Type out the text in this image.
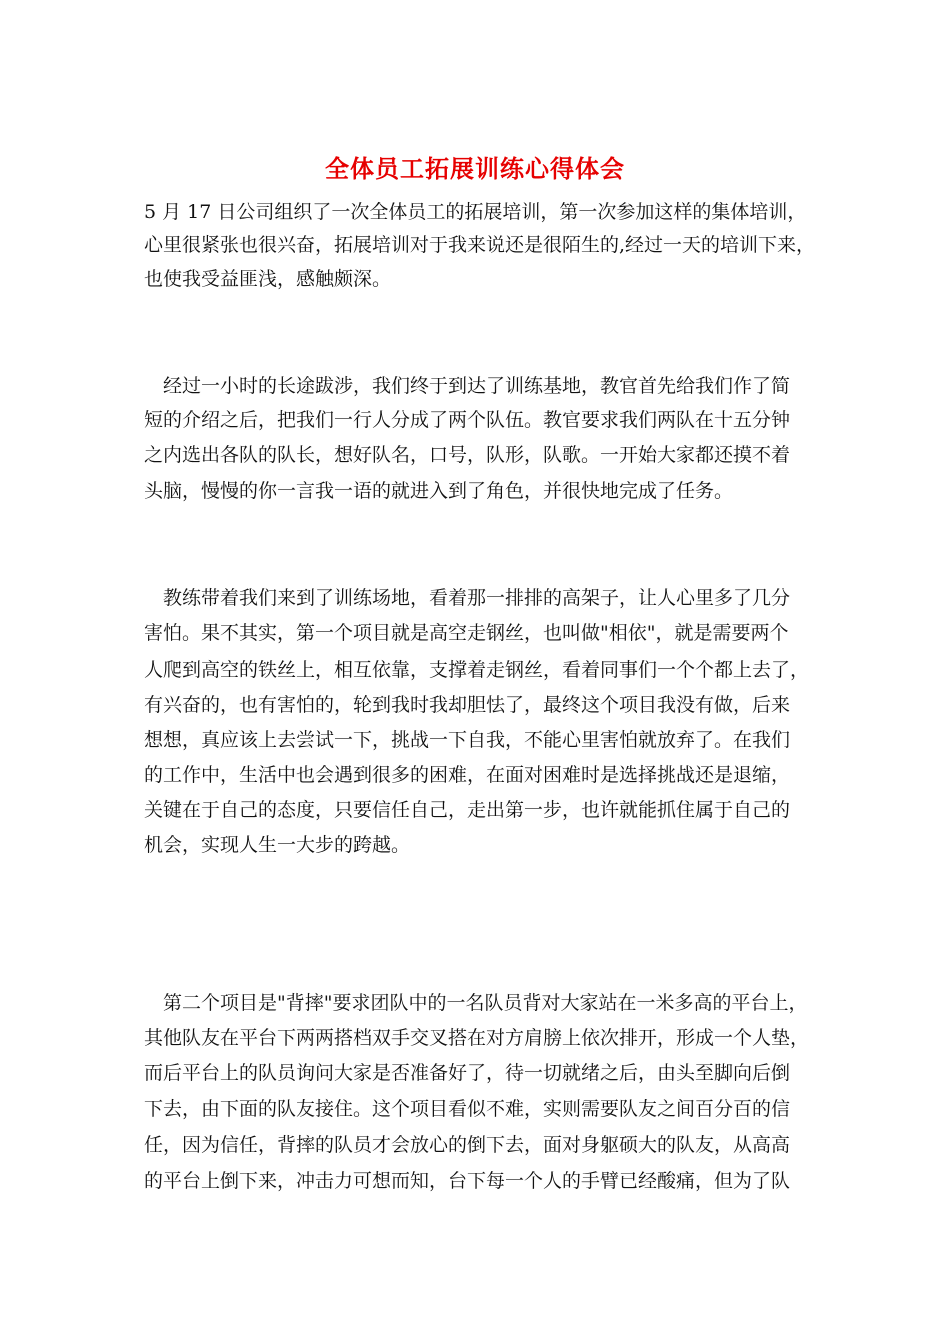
全体员工拓展训练心得体会
5 月 17 日公司组织了一次全体员工的拓展培训，第一次参加这样的集体培训，
心里很紧张也很兴奋，拓展培训对于我来说还是很陌生的,经过一天的培训下来，
也使我受益匪浅，感触颇深。
　经过一小时的长途跋涉，我们终于到达了训练基地，教官首先给我们作了简
短的介绍之后，把我们一行人分成了两个队伍。教官要求我们两队在十五分钟
之内选出各队的队长，想好队名，口号，队形，队歌。一开始大家都还摸不着
头脑，慢慢的你一言我一语的就进入到了角色，并很快地完成了任务。
　教练带着我们来到了训练场地，看着那一排排的高架子，让人心里多了几分
害怕。果不其实，第一个项目就是高空走钢丝，也叫做"相依"，就是需要两个
人爬到高空的铁丝上，相互依靠，支撑着走钢丝，看着同事们一个个都上去了，
有兴奋的，也有害怕的，轮到我时我却胆怯了，最终这个项目我没有做，后来
想想，真应该上去尝试一下，挑战一下自我，不能心里害怕就放弃了。在我们
的工作中，生活中也会遇到很多的困难，在面对困难时是选择挑战还是退缩，
关键在于自己的态度，只要信任自己，走出第一步，也许就能抓住属于自己的
机会，实现人生一大步的跨越。
　第二个项目是"背摔"要求团队中的一名队员背对大家站在一米多高的平台上，
其他队友在平台下两两搭档双手交叉搭在对方肩膀上依次排开，形成一个人垫，
而后平台上的队员询问大家是否准备好了，待一切就绪之后，由头至脚向后倒
下去，由下面的队友接住。这个项目看似不难，实则需要队友之间百分百的信
任，因为信任，背摔的队员才会放心的倒下去，面对身躯硕大的队友，从高高
的平台上倒下来，冲击力可想而知，台下每一个人的手臂已经酸痛，但为了队
